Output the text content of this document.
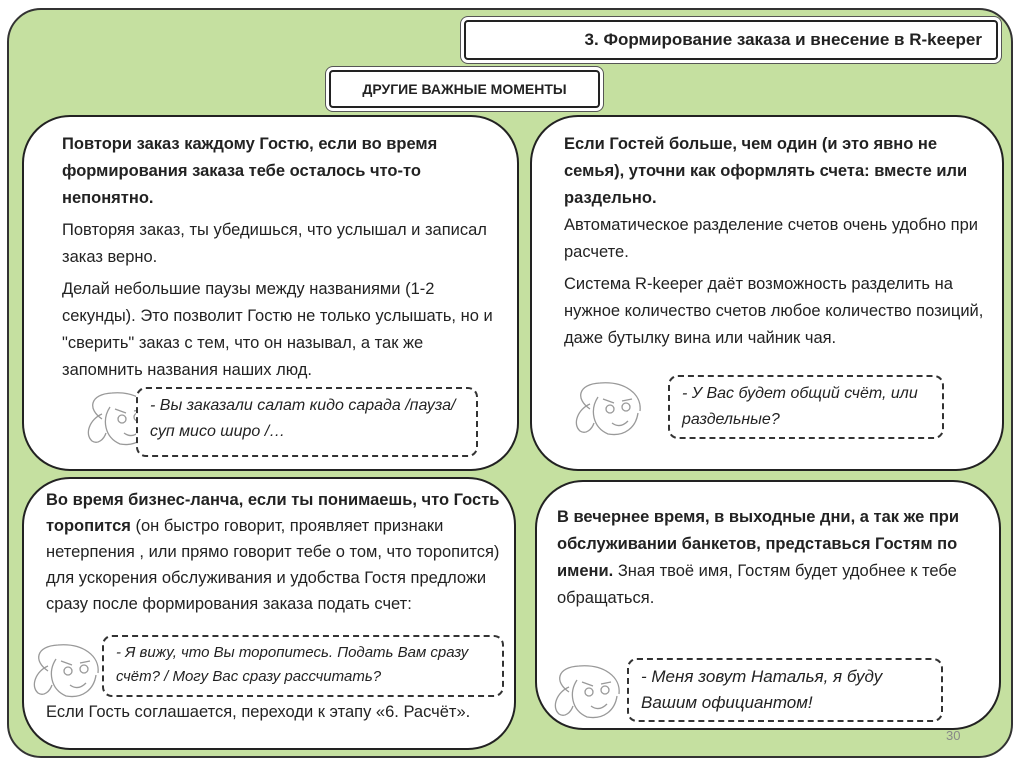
3. Формирование заказа и внесение в R-keeper
ДРУГИЕ ВАЖНЫЕ МОМЕНТЫ

Повтори заказ каждому Гостю, если во время формирования заказа тебе осталось что-то непонятно.

Повторяя заказ, ты убедишься, что услышал и записал заказ верно.

Делай небольшие паузы между названиями (1-2 секунды). Это позволит Гостю не только услышать, но и "сверить" заказ с тем, что он называл, а так же запомнить названия наших люд.

- Вы заказали салат кидо сарада /пауза/ суп мисо широ /…

Если Гостей больше, чем один (и это явно не семья), уточни как оформлять счета: вместе или раздельно.

Автоматическое разделение счетов очень удобно при расчете.

Система R-keeper даёт возможность разделить на нужное количество счетов любое количество позиций, даже бутылку вина или чайник чая.

- У Вас будет общий счёт, или раздельные?
Во время бизнес-ланча, если ты понимаешь, что Гость торопится (он быстро говорит, проявляет признаки нетерпения , или прямо говорит тебе о том, что торопится) для ускорения обслуживания и удобства Гостя предложи сразу после формирования заказа подать счет:
- Я вижу, что Вы торопитесь. Подать Вам сразу счёт? / Могу Вас сразу рассчитать?
Если Гость соглашается, переходи к этапу «6. Расчёт».
В вечернее время, в выходные дни, а так же при обслуживании банкетов, представься Гостям по имени. Зная твоё имя, Гостям будет удобнее к тебе обращаться.
- Меня зовут Наталья, я буду Вашим официантом!
30
